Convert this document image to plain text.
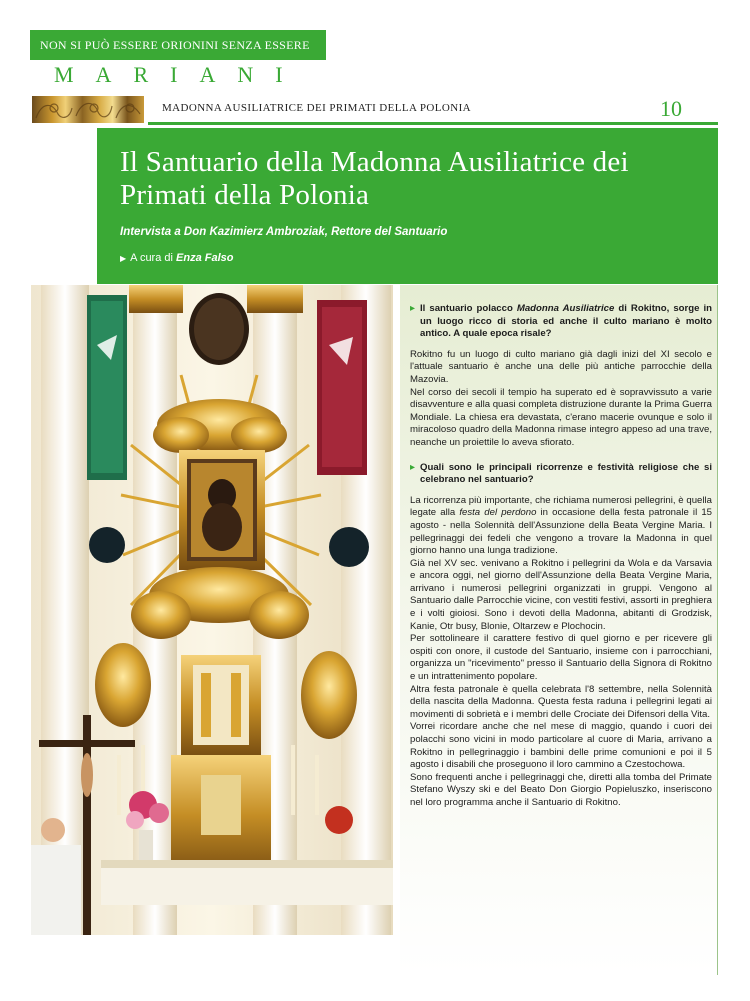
NON SI PUÒ ESSERE ORIONINI SENZA ESSERE
MARIANI
MADONNA AUSILIATRICE DEI PRIMATI DELLA POLONIA	10
Il Santuario della Madonna Ausiliatrice dei Primati della Polonia
Intervista a Don Kazimierz Ambroziak, Rettore del Santuario
▶ A cura di Enza Falso

▸ Il santuario polacco Madonna Ausiliatrice di Rokitno, sorge in un luogo ricco di storia ed anche il culto mariano è molto antico. A quale epoca risale?

Rokitno fu un luogo di culto mariano già dagli inizi del XI secolo e l'attuale santuario è anche una delle più antiche parrocchie della Mazovia.

Nel corso dei secoli il tempio ha superato ed è sopravvissuto a varie disavventure e alla quasi completa distruzione durante la Prima Guerra Mondiale. La chiesa era devastata, c'erano macerie ovunque e solo il miracoloso quadro della Madonna rimase integro appeso ad una trave, neanche un proiettile lo aveva sfiorato.

▸ Quali sono le principali ricorrenze e festività religiose che si celebrano nel santuario?

La ricorrenza più importante, che richiama numerosi pellegrini, è quella legate alla festa del perdono in occasione della festa patronale il 15 agosto - nella Solennità dell'Assunzione della Beata Vergine Maria. I pellegrinaggi dei fedeli che vengono a trovare la Madonna in quel giorno hanno una lunga tradizione.

Già nel XV sec. venivano a Rokitno i pellegrini da Wola e da Varsavia e ancora oggi, nel giorno dell'Assunzione della Beata Vergine Maria, arrivano i numerosi pellegrini organizzati in gruppi. Vengono al Santuario dalle Parrocchie vicine, con vestiti festivi, assorti in preghiera e i volti gioiosi. Sono i devoti della Madonna, abitanti di Grodzisk, Kanie, Otr busy, Blonie, Oltarzew e Plochocin.

Per sottolineare il carattere festivo di quel giorno e per ricevere gli ospiti con onore, il custode del Santuario, insieme con i parrocchiani, organizza un "ricevimento" presso il Santuario della Signora di Rokitno e un intrattenimento popolare.

Altra festa patronale è quella celebrata l'8 settembre, nella Solennità della nascita della Madonna. Questa festa raduna i pellegrini legati ai movimenti di sobrietà e i membri delle Crociate dei Difensori della Vita.

Vorrei ricordare anche che nel mese di maggio, quando i cuori dei polacchi sono vicini in modo particolare al cuore di Maria, arrivano a Rokitno in pellegrinaggio i bambini delle prime comunioni e poi il 5 agosto i disabili che proseguono il loro cammino a Czestochowa.

Sono frequenti anche i pellegrinaggi che, diretti alla tomba del Primate Stefano Wyszy ski e del Beato Don Giorgio Popieluszko, inseriscono nel loro programma anche il Santuario di Rokitno.
